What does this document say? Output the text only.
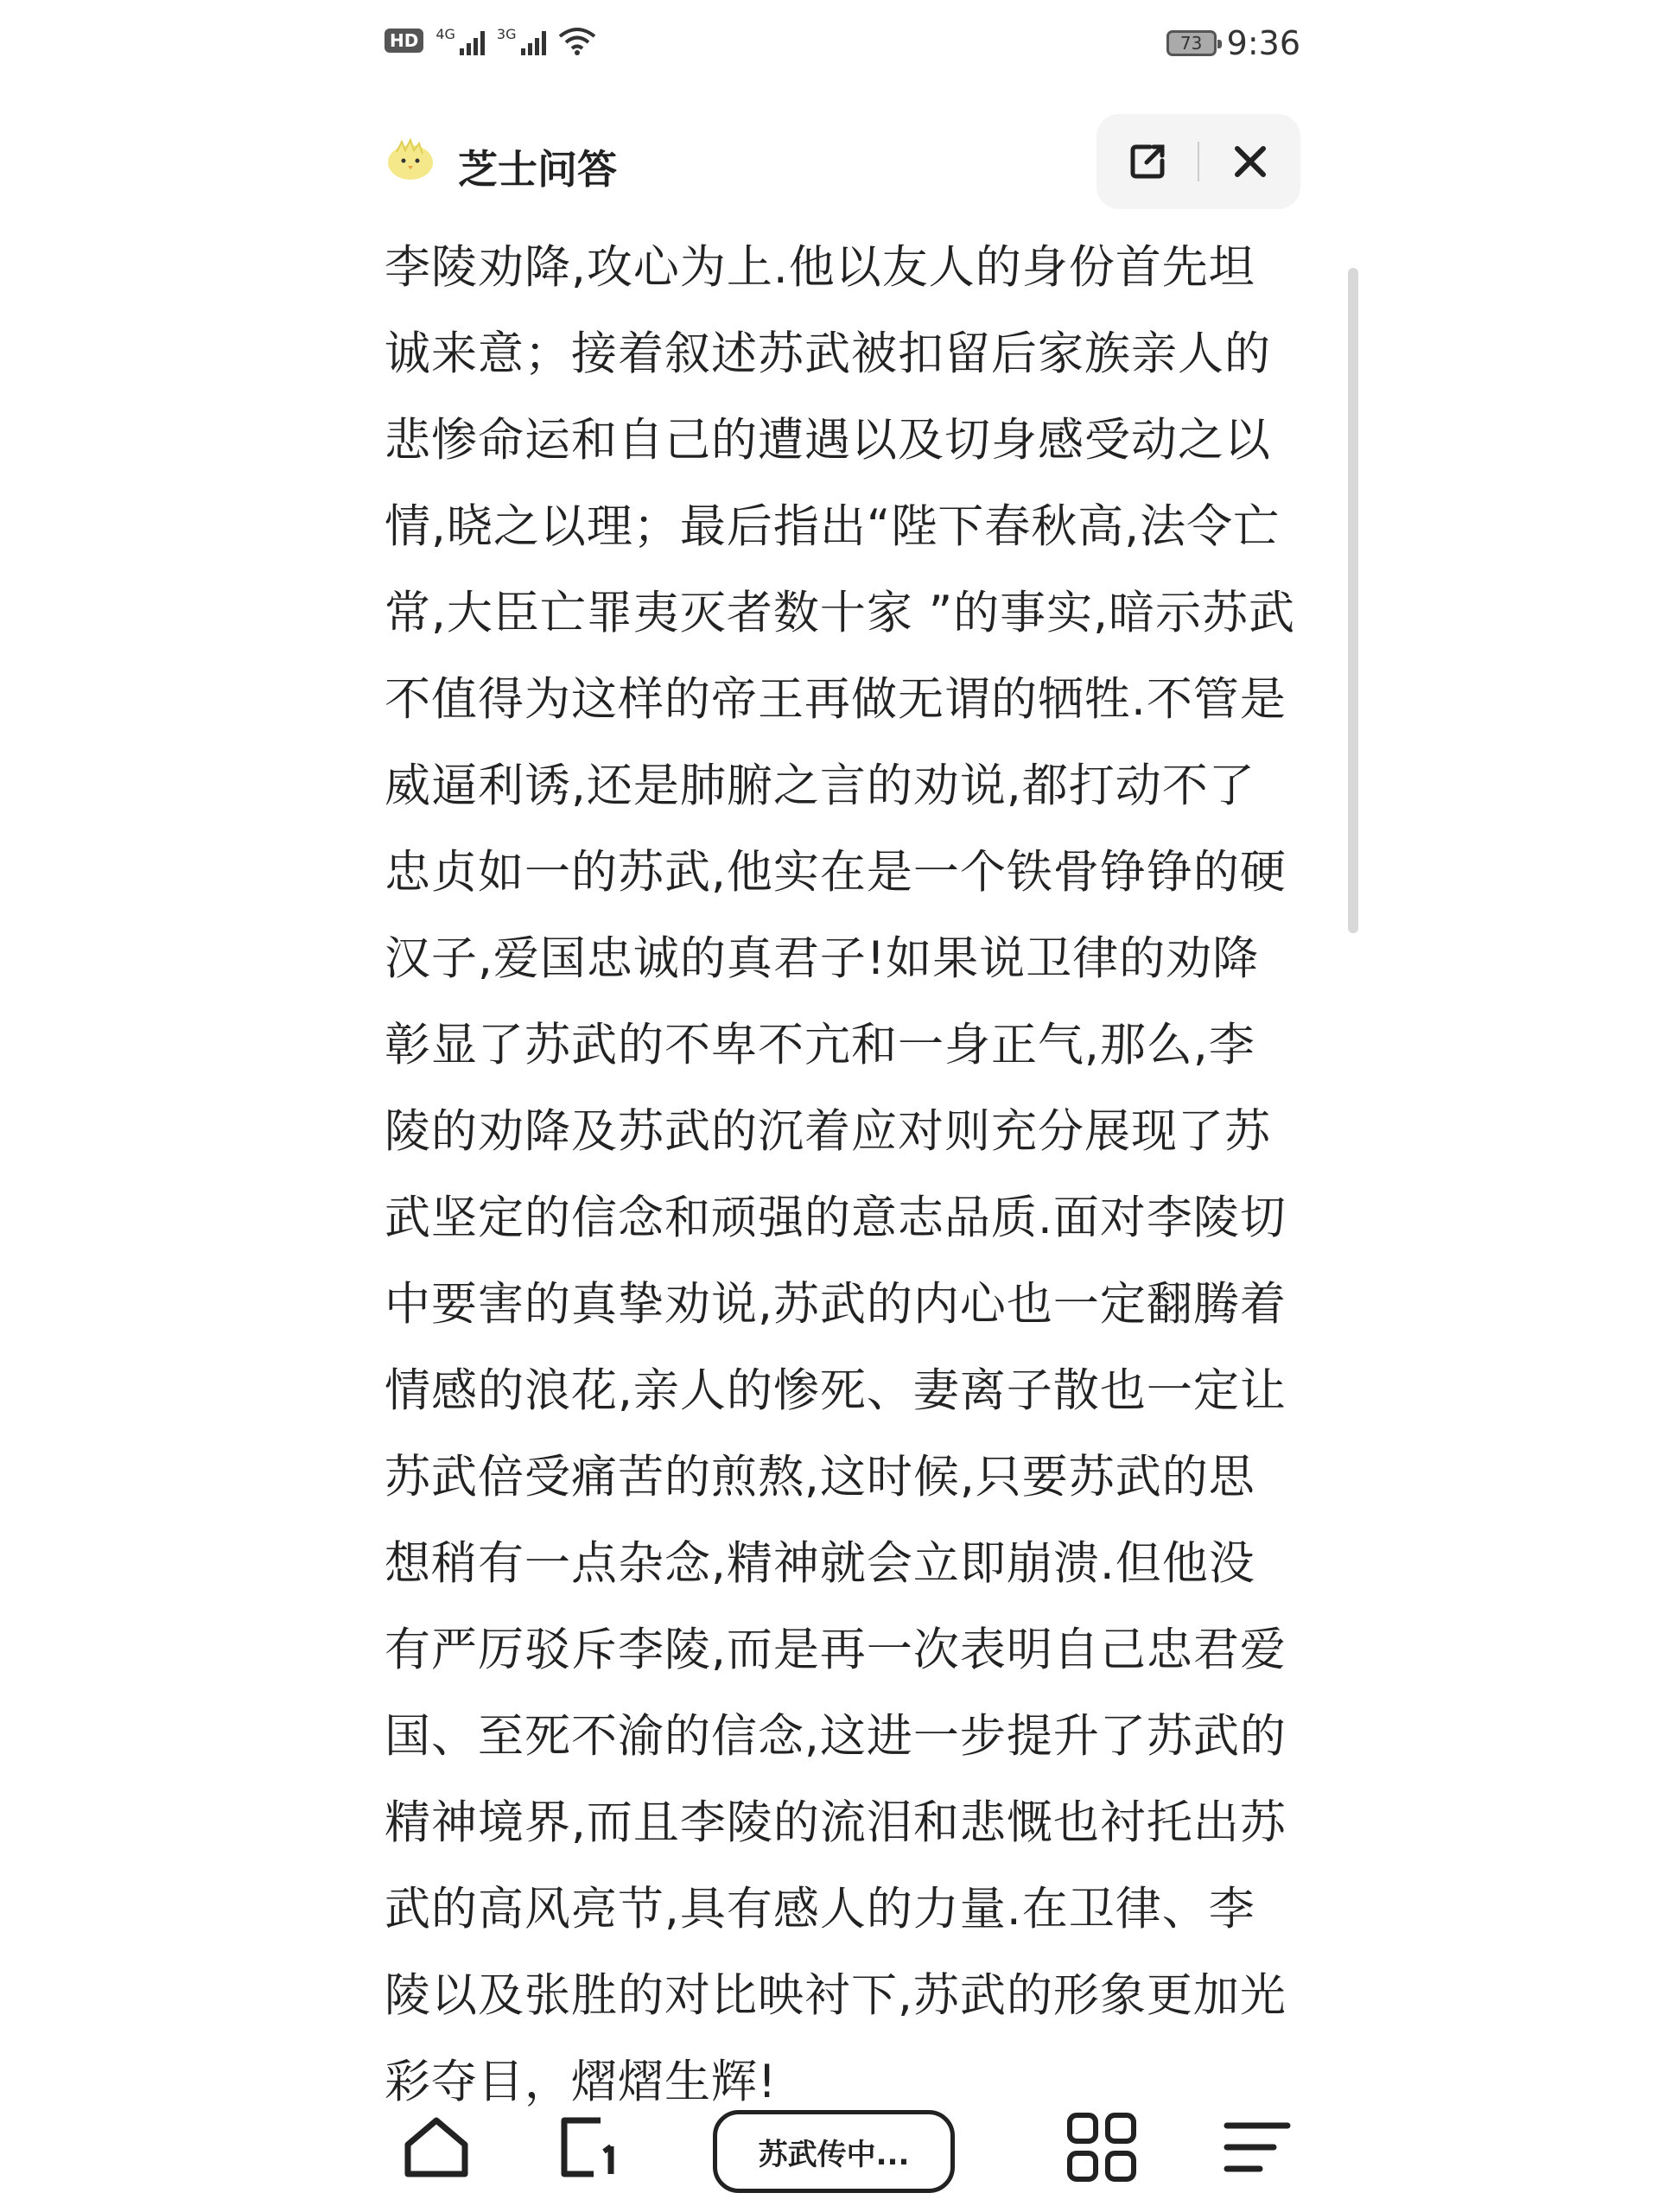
HD	4G	3G	73 9:36
芝士问答

李陵劝降,攻心为上.他以友人的身份首先坦

诚来意；接着叙述苏武被扣留后家族亲人的

悲惨命运和自己的遭遇以及切身感受动之以

情,晓之以理；最后指出“陛下春秋高,法令亡

常,大臣亡罪夷灭者数十家 ”的事实,暗示苏武

不值得为这样的帝王再做无谓的牺牲.不管是

威逼利诱,还是肺腑之言的劝说,都打动不了

忠贞如一的苏武,他实在是一个铁骨铮铮的硬

汉子,爱国忠诚的真君子!如果说卫律的劝降

彰显了苏武的不卑不亢和一身正气,那么,李

陵的劝降及苏武的沉着应对则充分展现了苏

武坚定的信念和顽强的意志品质.面对李陵切

中要害的真挚劝说,苏武的内心也一定翻腾着

情感的浪花,亲人的惨死、妻离子散也一定让

苏武倍受痛苦的煎熬,这时候,只要苏武的思

想稍有一点杂念,精神就会立即崩溃.但他没

有严厉驳斥李陵,而是再一次表明自己忠君爱

国、至死不渝的信念,这进一步提升了苏武的

精神境界,而且李陵的流泪和悲慨也衬托出苏

武的高风亮节,具有感人的力量.在卫律、李

陵以及张胜的对比映衬下,苏武的形象更加光

彩夺目，熠熠生辉!

苏武传中...
